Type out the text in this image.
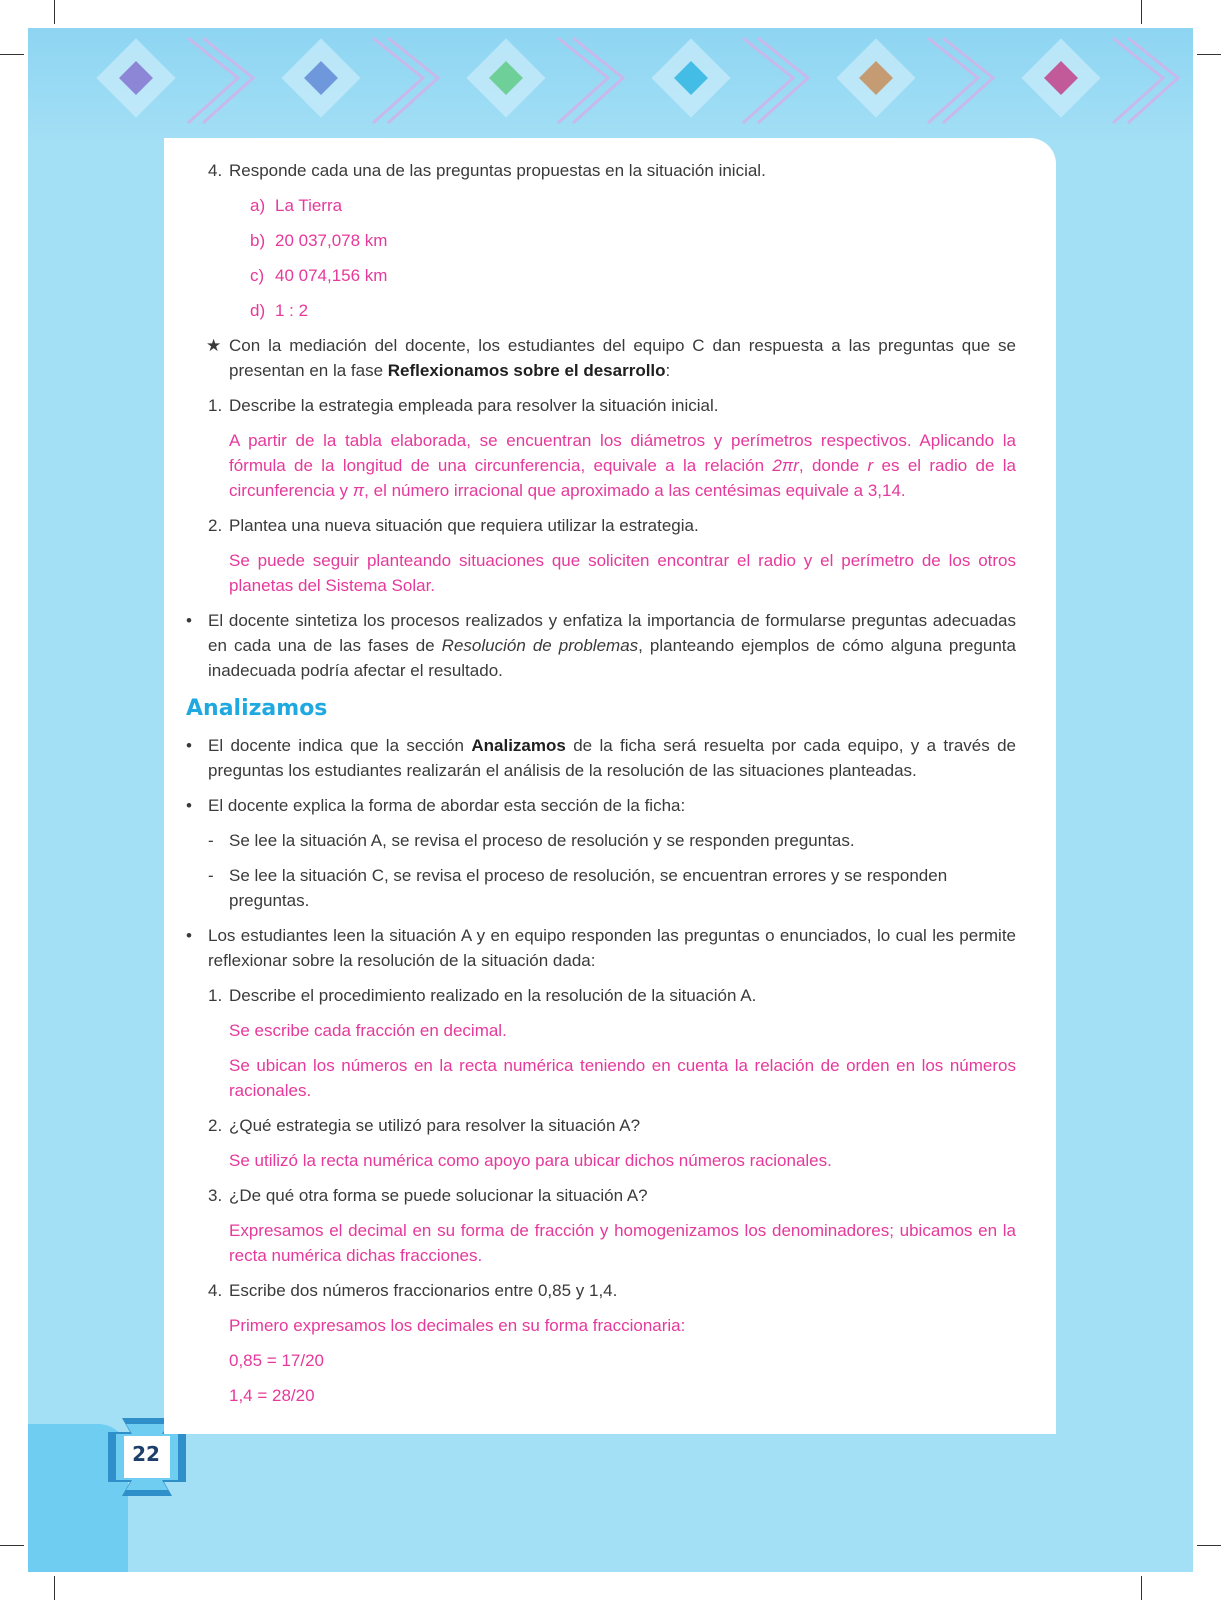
22
4. Responde cada una de las preguntas propuestas en la situación inicial.
a) La Tierra
b) 20 037,078 km
c) 40 074,156 km
d) 1 : 2
★ Con la mediación del docente, los estudiantes del equipo C dan respuesta a las preguntas que se presentan en la fase Reflexionamos sobre el desarrollo:
1. Describe la estrategia empleada para resolver la situación inicial.
A partir de la tabla elaborada, se encuentran los diámetros y perímetros respectivos. Aplicando la fórmula de la longitud de una circunferencia, equivale a la relación 2πr, donde r es el radio de la circunferencia y π, el número irracional que aproximado a las centésimas equivale a 3,14.
2. Plantea una nueva situación que requiera utilizar la estrategia.
Se puede seguir planteando situaciones que soliciten encontrar el radio y el perímetro de los otros planetas del Sistema Solar.
• El docente sintetiza los procesos realizados y enfatiza la importancia de formularse preguntas adecuadas en cada una de las fases de Resolución de problemas, planteando ejemplos de cómo alguna pregunta inadecuada podría afectar el resultado.
Analizamos
• El docente indica que la sección Analizamos de la ficha será resuelta por cada equipo, y a través de preguntas los estudiantes realizarán el análisis de la resolución de las situaciones planteadas.
• El docente explica la forma de abordar esta sección de la ficha:
- Se lee la situación A, se revisa el proceso de resolución y se responden preguntas.
- Se lee la situación C, se revisa el proceso de resolución, se encuentran errores y se responden preguntas.
• Los estudiantes leen la situación A y en equipo responden las preguntas o enunciados, lo cual les permite reflexionar sobre la resolución de la situación dada:
1. Describe el procedimiento realizado en la resolución de la situación A.
Se escribe cada fracción en decimal.
Se ubican los números en la recta numérica teniendo en cuenta la relación de orden en los números racionales.
2. ¿Qué estrategia se utilizó para resolver la situación A?
Se utilizó la recta numérica como apoyo para ubicar dichos números racionales.
3. ¿De qué otra forma se puede solucionar la situación A?
Expresamos el decimal en su forma de fracción y homogenizamos los denominadores; ubicamos en la recta numérica dichas fracciones.
4. Escribe dos números fraccionarios entre 0,85 y 1,4.
Primero expresamos los decimales en su forma fraccionaria:
0,85 = 17/20
1,4 = 28/20
